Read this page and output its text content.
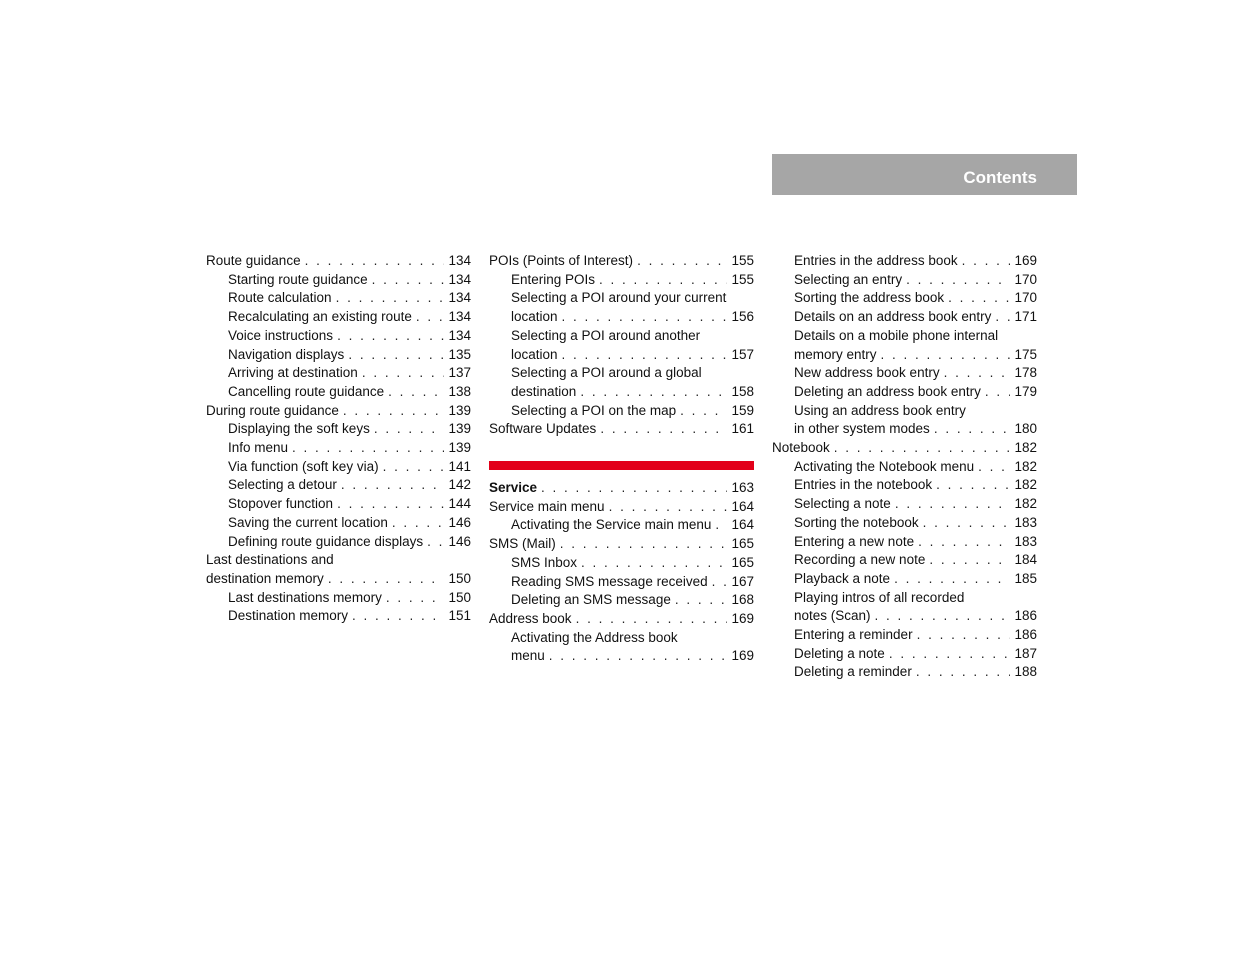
Contents
Route guidance . . .	134
Starting route guidance . . .	134
Route calculation . . .	134
Recalculating an existing route . . .	134
Voice instructions . . .	134
Navigation displays . . .	135
Arriving at destination . . .	137
Cancelling route guidance . . .	138
During route guidance . . .	139
Displaying the soft keys . . .	139
Info menu . . .	139
Via function (soft key via) . . .	141
Selecting a detour . . .	142
Stopover function . . .	144
Saving the current location . . .	146
Defining route guidance displays . . . 146
Last destinations and
destination memory . . .	150
Last destinations memory . . .	150
Destination memory . . .	151
POIs (Points of Interest) . . .	155
Entering POIs . . .	155
Selecting a POI around your current
location . . .	156
Selecting a POI around another
location . . .	157
Selecting a POI around a global
destination . . .	158
Selecting a POI on the map . . .	159
Software Updates . . .	161
Service . . .	163
Service main menu . . .	164
Activating the Service main menu . . . 164
SMS (Mail) . . .	165
SMS Inbox . . .	165
Reading SMS message received . . . 167
Deleting an SMS message . . .	168
Address book . . .	169
Activating the Address book
menu . . .	169
Entries in the address book . . .	169
Selecting an entry . . .	170
Sorting the address book . . .	170
Details on an address book entry . . . 171
Details on a mobile phone internal
memory entry . . .	175
New address book entry . . .	178
Deleting an address book entry . . . 179
Using an address book entry
in other system modes . . .	180
Notebook . . .	182
Activating the Notebook menu . . .	182
Entries in the notebook . . .	182
Selecting a note . . .	182
Sorting the notebook . . .	183
Entering a new note . . .	183
Recording a new note . . .	184
Playback a note . . .	185
Playing intros of all recorded
notes (Scan) . . .	186
Entering a reminder . . .	186
Deleting a note . . .	187
Deleting a reminder . . .	188
